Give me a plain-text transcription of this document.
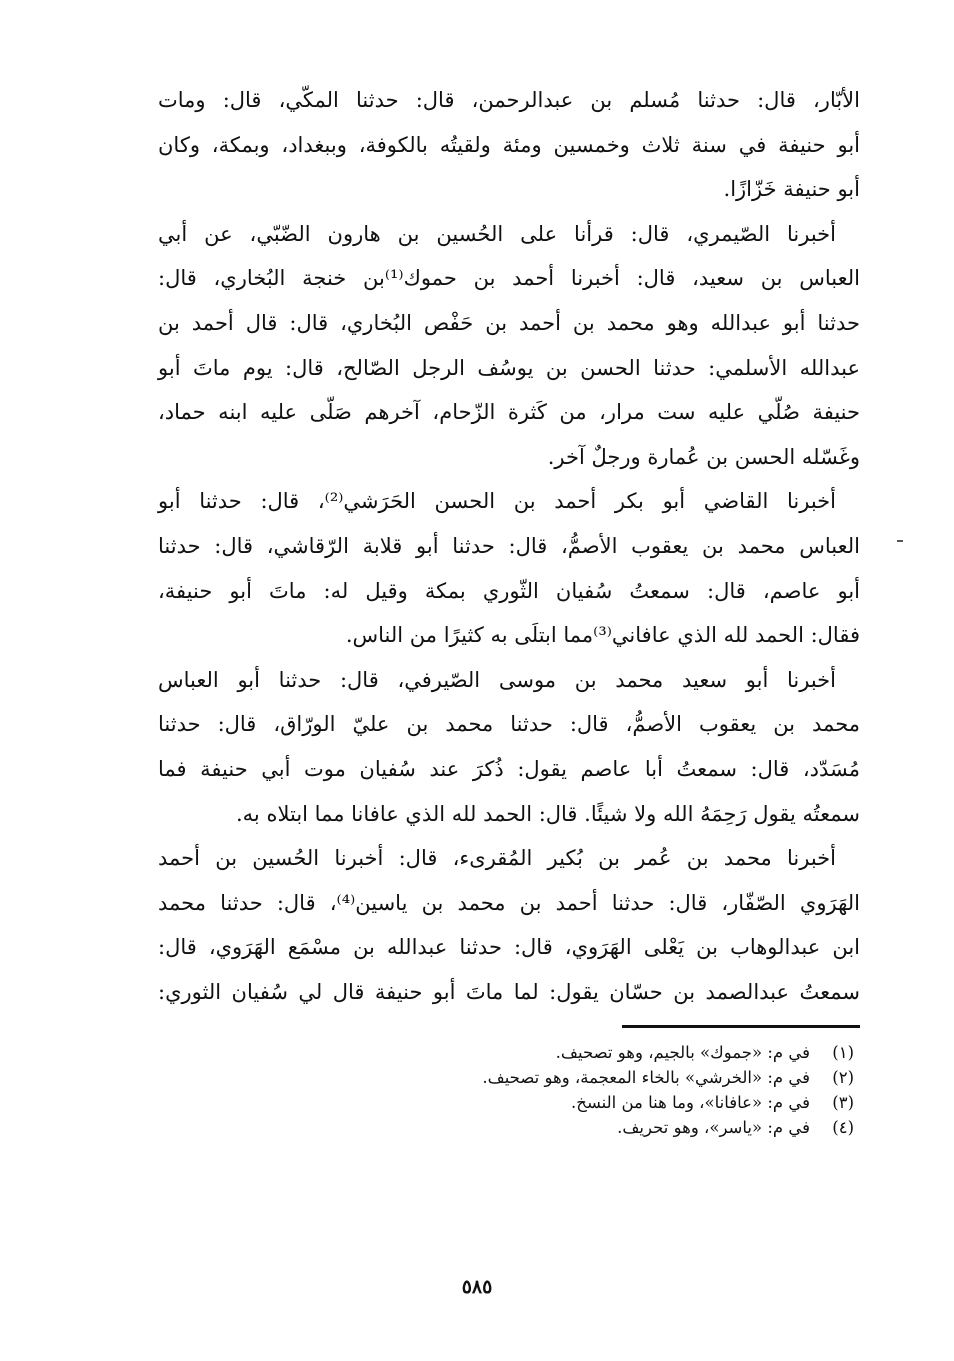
الأبّار، قال: حدثنا مُسلم بن عبدالرحمن، قال: حدثنا المكّي، قال: ومات
أبو حنيفة في سنة ثلاث وخمسين ومئة ولقيتُه بالكوفة، وببغداد، وبمكة، وكان
أبو حنيفة خَزّازًا.
أخبرنا الصّيمري، قال: قرأنا على الحُسين بن هارون الضّبّي، عن أبي
العباس بن سعيد، قال: أخبرنا أحمد بن حموك⁽¹⁾بن خنجة البُخاري، قال:
حدثنا أبو عبدالله وهو محمد بن أحمد بن حَفْص البُخاري، قال: قال أحمد بن
عبدالله الأسلمي: حدثنا الحسن بن يوسُف الرجل الصّالح، قال: يوم ماتَ أبو
حنيفة صُلّي عليه ست مرار، من كَثرة الزّحام، آخرهم صَلّى عليه ابنه حماد،
وغَسّله الحسن بن عُمارة ورجلٌ آخر.
أخبرنا القاضي أبو بكر أحمد بن الحسن الحَرَشي⁽²⁾، قال: حدثنا أبو
العباس محمد بن يعقوب الأصمُّ، قال: حدثنا أبو قلابة الرّقاشي، قال: حدثنا
أبو عاصم، قال: سمعتُ سُفيان الثّوري بمكة وقيل له: ماتَ أبو حنيفة،
فقال: الحمد لله الذي عافاني⁽³⁾مما ابتلَى به كثيرًا من الناس.
أخبرنا أبو سعيد محمد بن موسى الصّيرفي، قال: حدثنا أبو العباس
محمد بن يعقوب الأصمُّ، قال: حدثنا محمد بن عليّ الورّاق، قال: حدثنا
مُسَدّد، قال: سمعتُ أبا عاصم يقول: ذُكرَ عند سُفيان موت أبي حنيفة فما
سمعتُه يقول رَحِمَهُ الله ولا شيئًا. قال: الحمد لله الذي عافانا مما ابتلاه به.
أخبرنا محمد بن عُمر بن بُكير المُقرىء، قال: أخبرنا الحُسين بن أحمد
الهَرَوي الصّفّار، قال: حدثنا أحمد بن محمد بن ياسين⁽⁴⁾، قال: حدثنا محمد
ابن عبدالوهاب بن يَعْلى الهَرَوي، قال: حدثنا عبدالله بن مسْمَع الهَرَوي، قال:
سمعتُ عبدالصمد بن حسّان يقول: لما ماتَ أبو حنيفة قال لي سُفيان الثوري:
(١)
في م: «جموك» بالجيم، وهو تصحيف.
(٢)
في م: «الخرشي» بالخاء المعجمة، وهو تصحيف.
(٣)
في م: «عافانا»، وما هنا من النسخ.
(٤)
في م: «ياسر»، وهو تحريف.
٥٨٥
